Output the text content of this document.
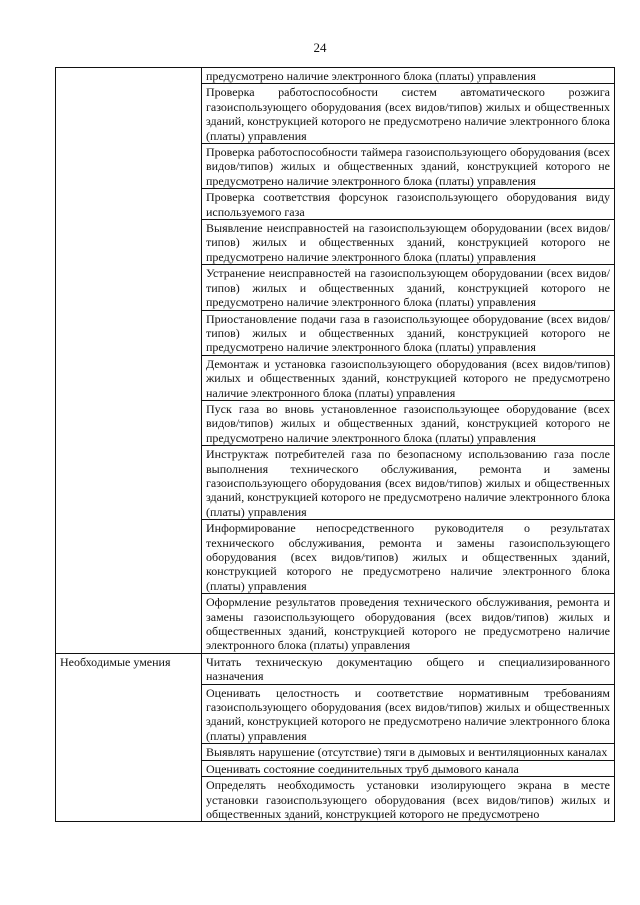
24
	предусмотрено наличие электронного блока (платы) управления
	Проверка работоспособности систем автоматического розжига газоиспользующего оборудования (всех видов/типов) жилых и общественных зданий, конструкцией которого не предусмотрено наличие электронного блока (платы) управления
	Проверка работоспособности таймера газоиспользующего оборудования (всех видов/типов) жилых и общественных зданий, конструкцией которого не предусмотрено наличие электронного блока (платы) управления
	Проверка соответствия форсунок газоиспользующего оборудования виду используемого газа
	Выявление неисправностей на газоиспользующем оборудовании (всех видов/типов) жилых и общественных зданий, конструкцией которого не предусмотрено наличие электронного блока (платы) управления
	Устранение неисправностей на газоиспользующем оборудовании (всех видов/типов) жилых и общественных зданий, конструкцией которого не предусмотрено наличие электронного блока (платы) управления
	Приостановление подачи газа в газоиспользующее оборудование (всех видов/типов) жилых и общественных зданий, конструкцией которого не предусмотрено наличие электронного блока (платы) управления
	Демонтаж и установка газоиспользующего оборудования (всех видов/типов) жилых и общественных зданий, конструкцией которого не предусмотрено наличие электронного блока (платы) управления
	Пуск газа во вновь установленное газоиспользующее оборудование (всех видов/типов) жилых и общественных зданий, конструкцией которого не предусмотрено наличие электронного блока (платы) управления
	Инструктаж потребителей газа по безопасному использованию газа после выполнения технического обслуживания, ремонта и замены газоиспользующего оборудования (всех видов/типов) жилых и общественных зданий, конструкцией которого не предусмотрено наличие электронного блока (платы) управления
	Информирование непосредственного руководителя о результатах технического обслуживания, ремонта и замены газоиспользующего оборудования (всех видов/типов) жилых и общественных зданий, конструкцией которого не предусмотрено наличие электронного блока (платы) управления
	Оформление результатов проведения технического обслуживания, ремонта и замены газоиспользующего оборудования (всех видов/типов) жилых и общественных зданий, конструкцией которого не предусмотрено наличие электронного блока (платы) управления
Необходимые умения	Читать техническую документацию общего и специализированного назначения
	Оценивать целостность и соответствие нормативным требованиям газоиспользующего оборудования (всех видов/типов) жилых и общественных зданий, конструкцией которого не предусмотрено наличие электронного блока (платы) управления
	Выявлять нарушение (отсутствие) тяги в дымовых и вентиляционных каналах
	Оценивать состояние соединительных труб дымового канала
	Определять необходимость установки изолирующего экрана в месте установки газоиспользующего оборудования (всех видов/типов) жилых и общественных зданий, конструкцией которого не предусмотрено
